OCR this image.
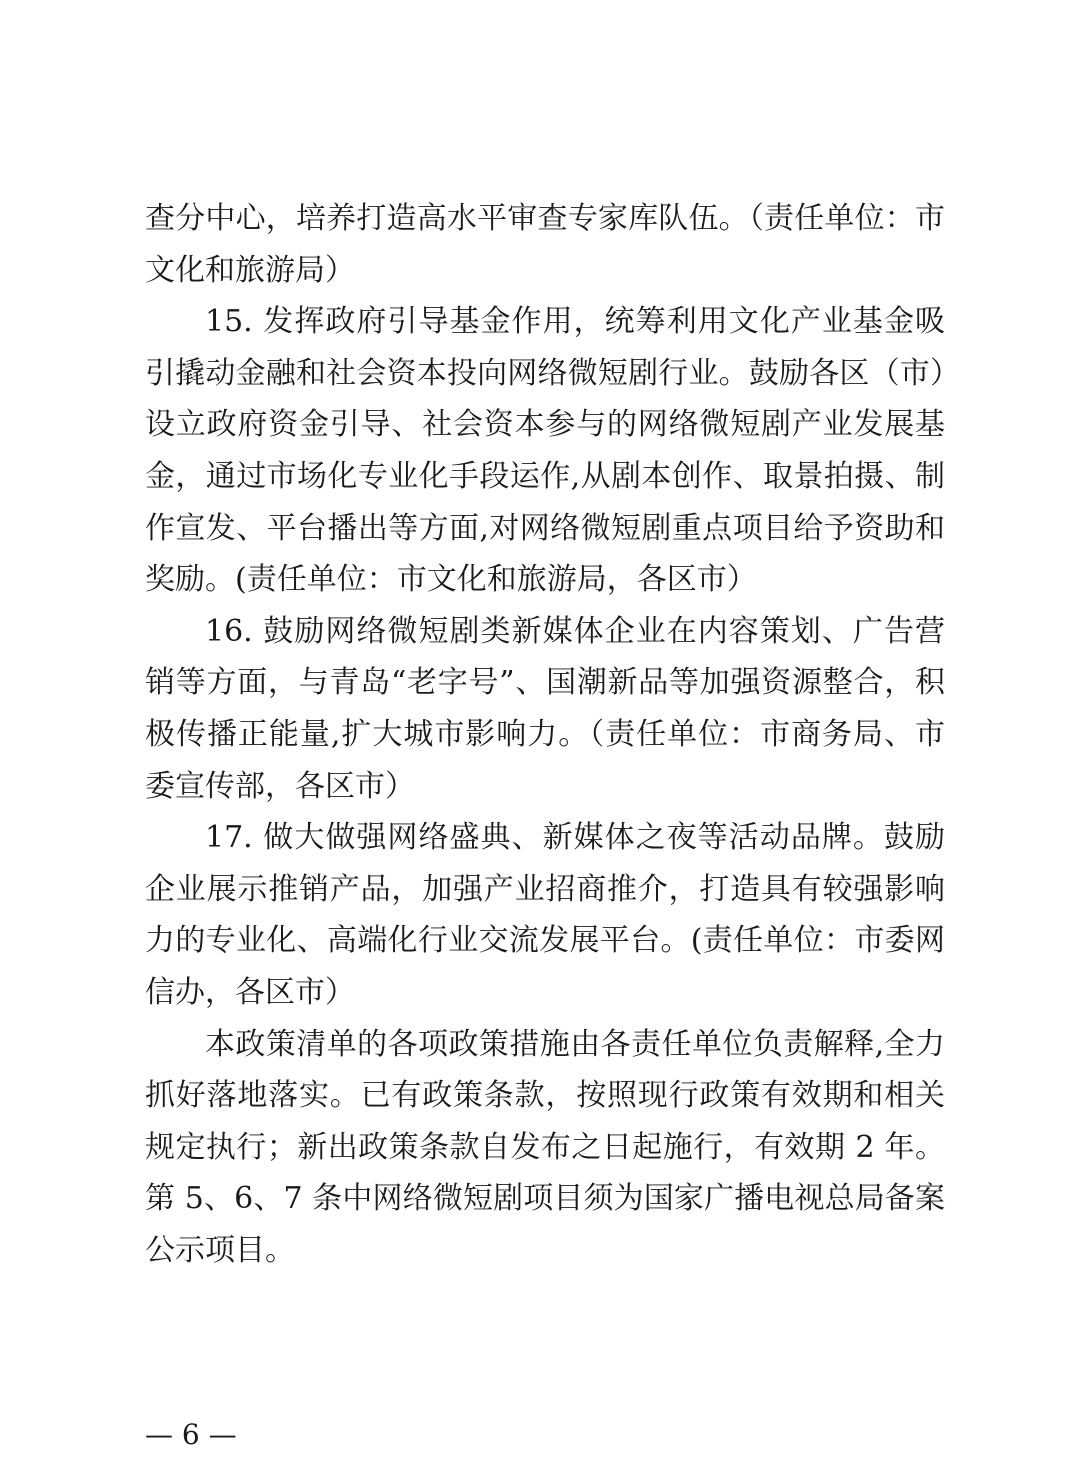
查分中心，培养打造高水平审查专家库队伍。（责任单位：市文化和旅游局）

15. 发挥政府引导基金作用，统筹利用文化产业基金吸引撬动金融和社会资本投向网络微短剧行业。鼓励各区（市）设立政府资金引导、社会资本参与的网络微短剧产业发展基金，通过市场化专业化手段运作,从剧本创作、取景拍摄、制作宣发、平台播出等方面,对网络微短剧重点项目给予资助和奖励。(责任单位：市文化和旅游局，各区市）

16. 鼓励网络微短剧类新媒体企业在内容策划、广告营销等方面，与青岛“老字号”、国潮新品等加强资源整合，积极传播正能量,扩大城市影响力。（责任单位：市商务局、市委宣传部，各区市）

17. 做大做强网络盛典、新媒体之夜等活动品牌。鼓励企业展示推销产品，加强产业招商推介，打造具有较强影响力的专业化、高端化行业交流发展平台。(责任单位：市委网信办，各区市）

本政策清单的各项政策措施由各责任单位负责解释,全力抓好落地落实。已有政策条款，按照现行政策有效期和相关规定执行；新出政策条款自发布之日起施行，有效期 2 年。第 5、6、7 条中网络微短剧项目须为国家广播电视总局备案公示项目。

— 6 —
